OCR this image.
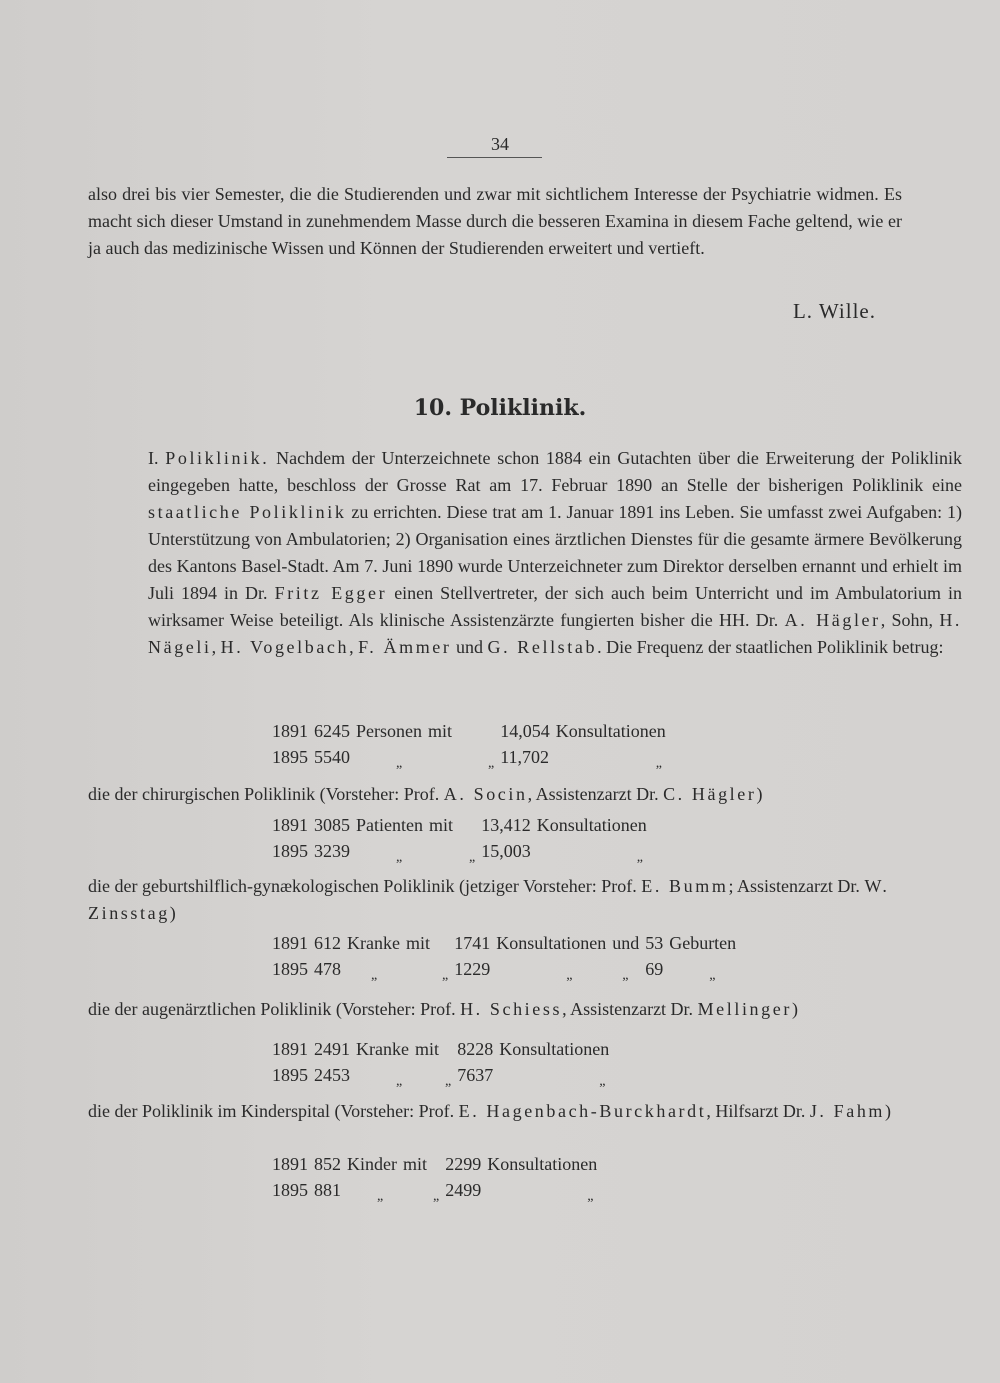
34
also drei bis vier Semester, die die Studierenden und zwar mit sichtlichem Interesse der Psychiatrie widmen. Es macht sich dieser Umstand in zunehmendem Masse durch die besseren Examina in diesem Fache geltend, wie er ja auch das medizinische Wissen und Können der Studierenden erweitert und vertieft.
L. Wille.
10. Poliklinik.
I. Poliklinik. Nachdem der Unterzeichnete schon 1884 ein Gutachten über die Erweiterung der Poliklinik eingegeben hatte, beschloss der Grosse Rat am 17. Februar 1890 an Stelle der bisherigen Poliklinik eine staatliche Poliklinik zu errichten. Diese trat am 1. Januar 1891 ins Leben. Sie umfasst zwei Aufgaben: 1) Unterstützung von Ambulatorien; 2) Organisation eines ärztlichen Dienstes für die gesamte ärmere Bevölkerung des Kantons Basel-Stadt. Am 7. Juni 1890 wurde Unterzeichneter zum Direktor derselben ernannt und erhielt im Juli 1894 in Dr. Fritz Egger einen Stellvertreter, der sich auch beim Unterricht und im Ambulatorium in wirksamer Weise beteiligt. Als klinische Assistenzärzte fungierten bisher die HH. Dr. A. Hägler, Sohn, H. Nägeli, H. Vogelbach, F. Ämmer und G. Rellstab. Die Frequenz der staatlichen Poliklinik betrug:
1891	6245	Personen	mit	14,054	Konsultationen
1895	5540	$_„$	$_„$	11,702	$_„$
die der chirurgischen Poliklinik (Vorsteher: Prof. A. Socin, Assistenzarzt Dr. C. Hägler)
1891	3085	Patienten	mit	13,412	Konsultationen
1895	3239	$_„$	$_„$	15,003	$_„$
die der geburtshilflich-gynækologischen Poliklinik (jetziger Vorsteher: Prof. E. Bumm; Assistenzarzt Dr. W. Zinsstag)
1891	612	Kranke	mit	1741	Konsultationen	und	53	Geburten
1895	478	$_„$	$_„$	1229	$_„$	$_„$	69	$_„$
die der augenärztlichen Poliklinik (Vorsteher: Prof. H. Schiess, Assistenzarzt Dr. Mellinger)
1891	2491	Kranke	mit	8228	Konsultationen
1895	2453	$_„$	$_„$	7637	$_„$
die der Poliklinik im Kinderspital (Vorsteher: Prof. E. Hagenbach-Burckhardt, Hilfsarzt Dr. J. Fahm)
1891	852	Kinder	mit	2299	Konsultationen
1895	881	$_„$	$_„$	2499	$_„$
